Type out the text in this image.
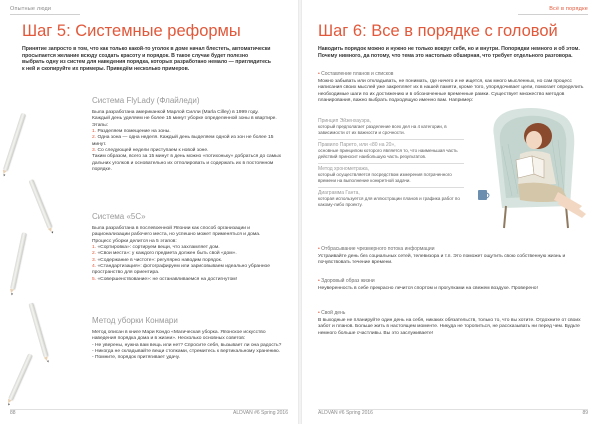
Опытные люди
Шаг 5: Системные реформы
Принятие запросто в том, что как только какой-то уголок в доме начал блестеть, автоматически просыпается желание всюду создать красоту и порядок. В такое случае будет полезно выбрать одну из систем для наведения порядка, которых разработано немало — приглядитесь к ней и скопируйте их примеры. Приведём несколько примеров.
Система FlyLady (Флайледи)

Была разработана американкой Марлой Силли (Marla Cilley) в 1999 году.

Каждый день уделяем не более 15 минут уборке определенной зоны в квартире. Этапы:

1. Разделяем помещение на зоны.

2. Одна зона — одна неделя. Каждый день выделяем одной из зон не более 15 минут.

3. Со следующей недели приступаем к новой зоне.

Таким образом, всего за 15 минут в день можно «потихоньку» добраться до самых дальних уголков и основательно их отполировать и содержать их в постоянном порядке.

Система «5С»

Была разработана в послевоенной Японии как способ организации и рационализации рабочего места, но успешно может применяться и дома.

Процесс уборки делится на 5 этапов:

1. «Сортировка»: сортируем вещи, что захламляет дом.

2. «Свои места»: у каждого предмета должен быть свой «дом».

3. «Содержание в чистоте»: регулярно наводим порядок.

4. «Стандартизация»: фотографируем или зарисовываем идеально убранное пространство для ориентира.

5. «Совершенствование»: не останавливаемся на достигнутом!

Метод уборки Конмари

Метод описан в книге Мари Кондо «Магическая уборка. Японское искусство наведения порядка дома и в жизни». Несколько основных советов:

- Не уверены, нужна вам вещь или нет? Спросите себя, вызывает ли она радость?

- Никогда не складывайте вещи стопками, стремитесь к вертикальному хранению.

- Помните, порядок притягивает удачу.

88	ALDVAN #6 Spring 2016
Всё в порядке
Шаг 6: Все в порядке с головой
Наводить порядок можно и нужно не только вокруг себя, но и внутри. Попорядки немного и об этом. Почему нимного, да потому, что тема это настолько обширная, что требует отдельного разговора.
• Составление планов и списков
Можно забывать или откладывать, не понимать, где ничего и не ищется, как много мысленных, но сам процесс написания своих мыслей уже закрепляет их в нашей памяти, кроме того, упорядочивает цели, помогает определить необходимые шаги по их достижению и в обозначенные временные рамки. Существует множество методов планирования, важно выбрать подходящую именно вам. Например:
Принцип Эйзенхауэра,
который предполагает разделение всех дел на 4 категории, в зависимости от их важности и срочности.
Правило Парето, или «80 на 20»,
основные принципом которого является то, что наименьшая часть действий приносит наибольшую часть результатов.
Метод хронометража,
который осуществляется посредством измерения потраченного времени на выполнение конкретной задачи.
Диаграмма Ганта,
которая используется для иллюстрации планов и графика работ по какому-либо проекту.
• Отбрасывание чрезмерного потока информации
Устраивайте день без социальных сетей, телевизора и т.п. Это поможет ощутить свою собственную жизнь и почувствовать течение времени.
• Здоровый образ жизни
Неуверенность в себе прекрасно лечится спортом и прогулками на свежем воздухе. Проверено!
• Свой день
В выходные не планируйте один день на себя, никаких обязательств, только то, что вы хотите. Отдохните от своих забот и планов. Больше жить в настоящем моменте. Никуда не торопиться, не рассказывать ни перед чем. Будьте немного больше счастливы. Вы это заслуживаете!
ALDVAN #6 Spring 2016	89
